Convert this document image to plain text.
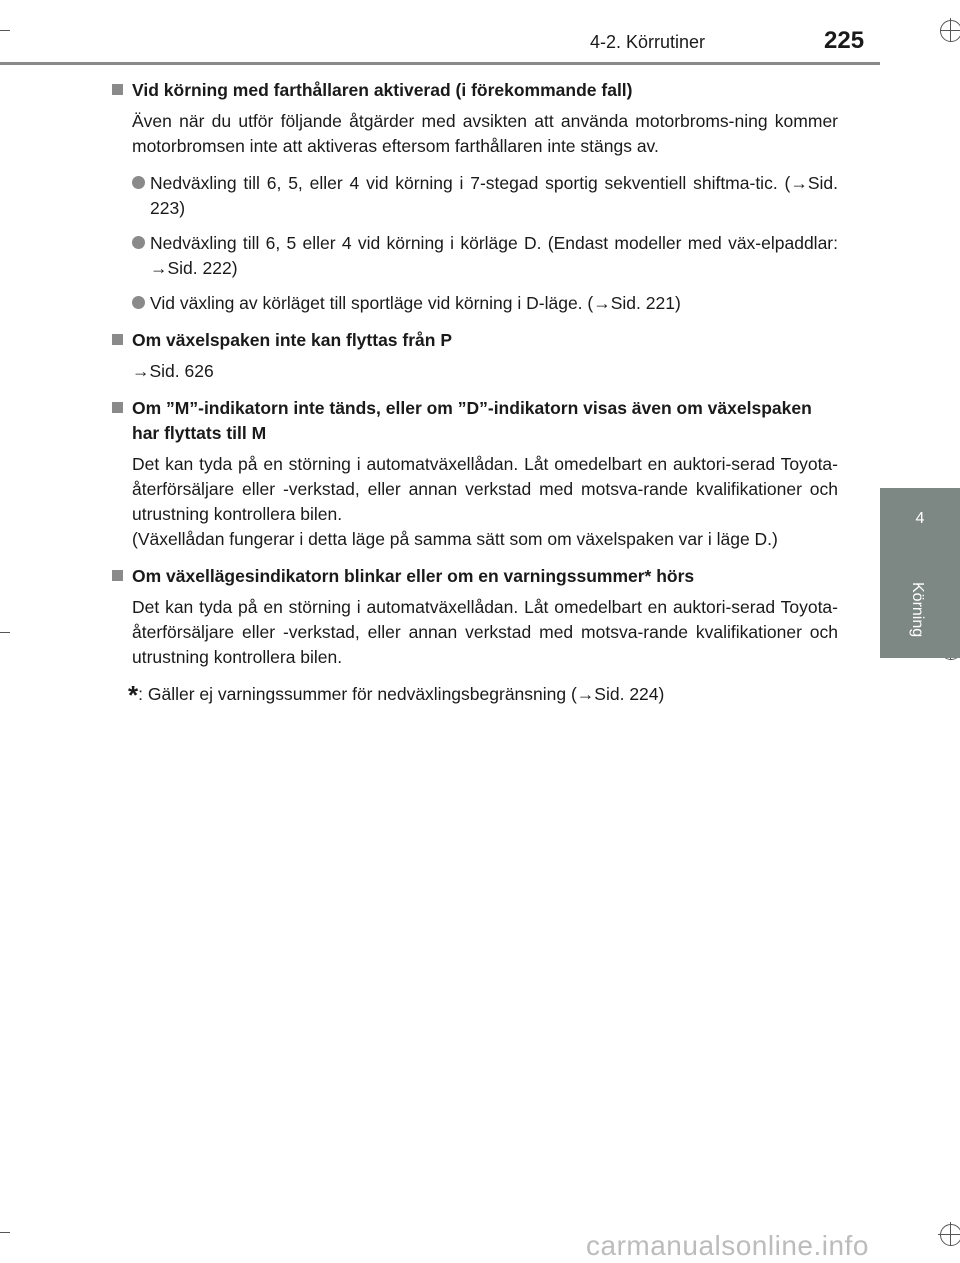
4-2. Körrutiner	225
4
Körning
Vid körning med farthållaren aktiverad (i förekommande fall)
Även när du utför följande åtgärder med avsikten att använda motorbroms-ning kommer motorbromsen inte att aktiveras eftersom farthållaren inte stängs av.
Nedväxling till 6, 5, eller 4 vid körning i 7-stegad sportig sekventiell shiftma-tic. (→Sid. 223)
Nedväxling till 6, 5 eller 4 vid körning i körläge D. (Endast modeller med väx-elpaddlar: →Sid. 222)
Vid växling av körläget till sportläge vid körning i D-läge. (→Sid. 221)
Om växelspaken inte kan flyttas från P
→Sid. 626
Om ”M”-indikatorn inte tänds, eller om ”D”-indikatorn visas även om växelspaken har flyttats till M
Det kan tyda på en störning i automatväxellådan. Låt omedelbart en auktori-serad Toyota-återförsäljare eller -verkstad, eller annan verkstad med motsva-rande kvalifikationer och utrustning kontrollera bilen.
(Växellådan fungerar i detta läge på samma sätt som om växelspaken var i läge D.)
Om växellägesindikatorn blinkar eller om en varningssummer* hörs
Det kan tyda på en störning i automatväxellådan. Låt omedelbart en auktori-serad Toyota-återförsäljare eller -verkstad, eller annan verkstad med motsva-rande kvalifikationer och utrustning kontrollera bilen.
*: Gäller ej varningssummer för nedväxlingsbegränsning (→Sid. 224)
carmanualsonline.info
